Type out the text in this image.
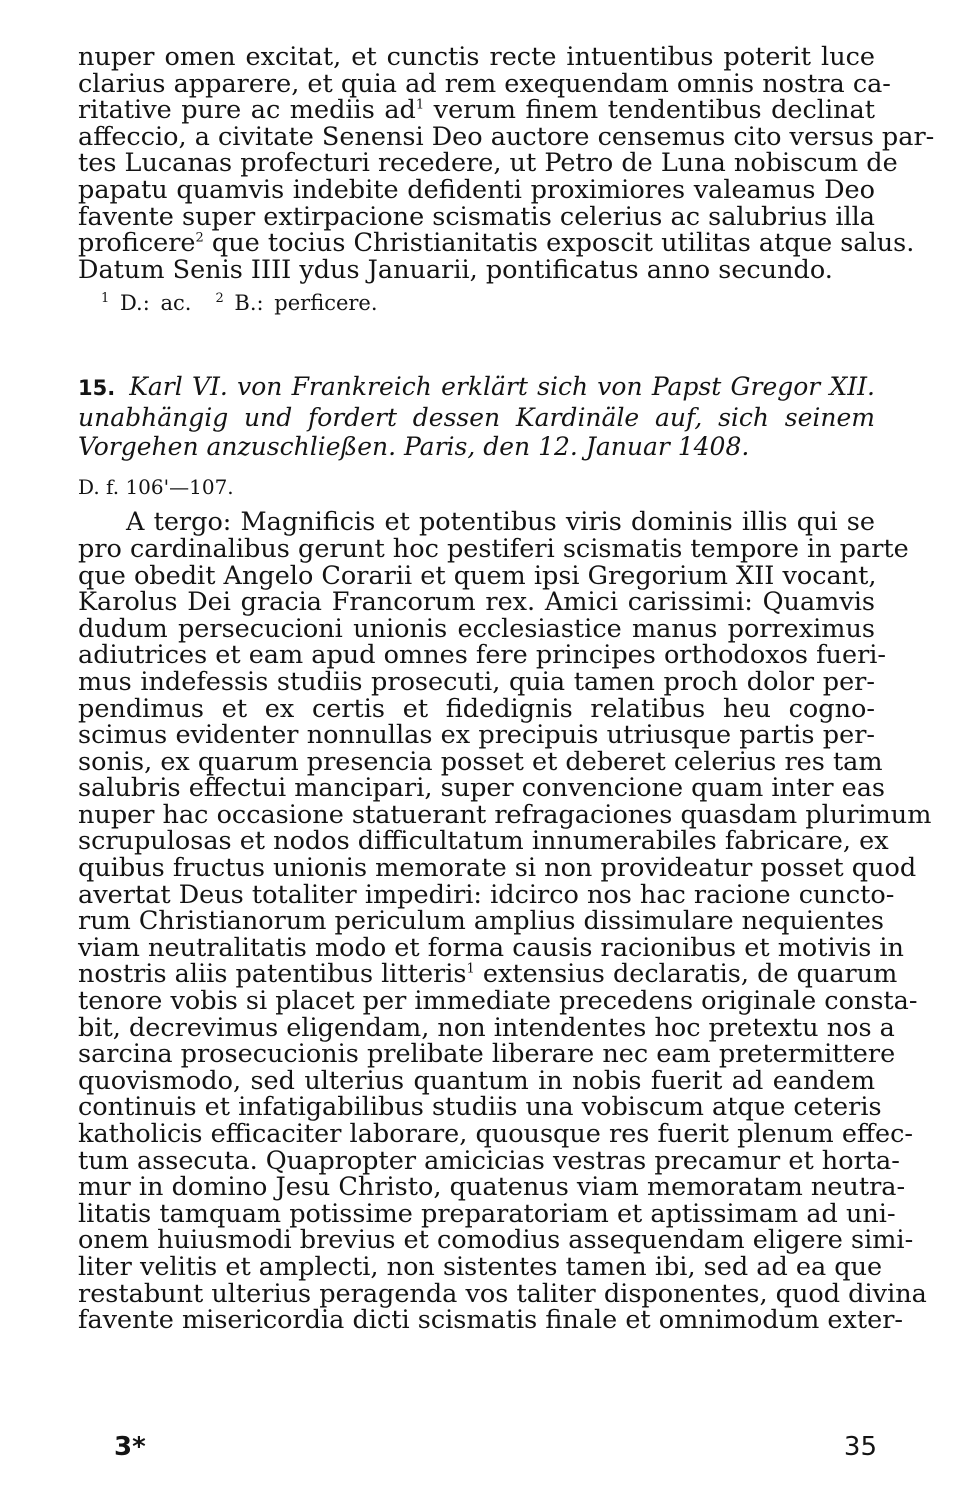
nuper omen excitat, et cunctis recte intuentibus poterit luce
clarius apparere, et quia ad rem exequendam omnis nostra ca-
ritative pure ac mediis $ad^1$ verum finem tendentibus declinat
affeccio, a civitate Senensi Deo auctore censemus cito versus par-
tes Lucanas profecturi recedere, ut Petro de Luna nobiscum de
papatu quamvis indebite defidenti proximiores valeamus Deo
favente super extirpacione scismatis celerius ac salubrius illa
proficere$^2$ que tocius Christianitatis exposcit utilitas atque salus.
Datum Senis IIII ydus Januarii, pontificatus anno secundo.
$^1$ D.: ac. $^2$ B.: perficere.
15. Karl VI. von Frankreich erklärt sich von Papst Gregor XII.
unabhängig und fordert dessen Kardinäle auf, sich seinem
Vorgehen anzuschließen. Paris, den 12. Januar 1408.
D. f. 106'—107.
A tergo: Magnificis et potentibus viris dominis illis qui se
pro cardinalibus gerunt hoc pestiferi scismatis tempore in parte
que obedit Angelo Corarii et quem ipsi Gregorium XII vocant,
Karolus Dei gracia Francorum rex. Amici carissimi: Quamvis
dudum persecucioni unionis ecclesiastice manus porreximus
adiutrices et eam apud omnes fere principes orthodoxos fueri-
mus indefessis studiis prosecuti, quia tamen proch dolor per-
pendimus et ex certis et fidedignis relatibus heu cogno-
scimus evidenter nonnullas ex precipuis utriusque partis per-
sonis, ex quarum presencia posset et deberet celerius res tam
salubris effectui mancipari, super convencione quam inter eas
nuper hac occasione statuerant refragaciones quasdam plurimum
scrupulosas et nodos difficultatum innumerabiles fabricare, ex
quibus fructus unionis memorate si non provideatur posset quod
avertat Deus totaliter impediri: idcirco nos hac racione cuncto-
rum Christianorum periculum amplius dissimulare nequientes
viam neutralitatis modo et forma causis racionibus et motivis in
nostris aliis patentibus litteris$^1$ extensius declaratis, de quarum
tenore vobis si placet per immediate precedens originale consta-
bit, decrevimus eligendam, non intendentes hoc pretextu nos a
sarcina prosecucionis prelibate liberare nec eam pretermittere
quovismodo, sed ulterius quantum in nobis fuerit ad eandem
continuis et infatigabilibus studiis una vobiscum atque ceteris
katholicis efficaciter laborare, quousque res fuerit plenum effec-
tum assecuta. Quapropter amicicias vestras precamur et horta-
mur in domino Jesu Christo, quatenus viam memoratam neutra-
litatis tamquam potissime preparatoriam et aptissimam ad uni-
onem huiusmodi brevius et comodius assequendam eligere simi-
liter velitis et amplecti, non sistentes tamen ibi, sed ad ea que
restabunt ulterius peragenda vos taliter disponentes, quod divina
favente misericordia dicti scismatis finale et omnimodum exter-
3*	35
